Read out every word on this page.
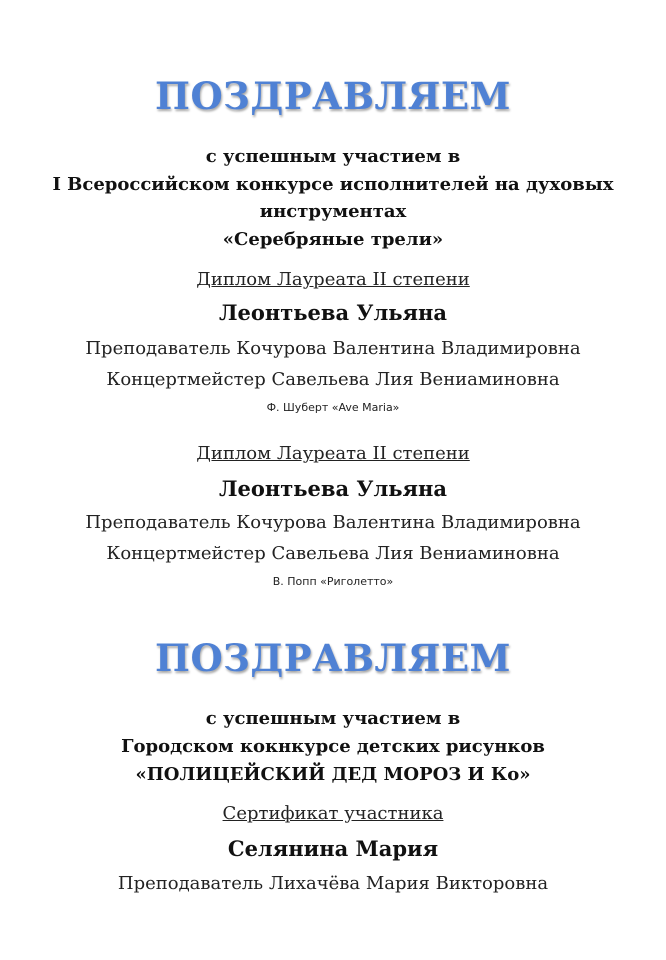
ПОЗДРАВЛЯЕМ
с успешным участием в
I Всероссийском конкурсе исполнителей на духовых
инструментах
«Серебряные трели»
Диплом Лауреата II степени
Леонтьева Ульяна
Преподаватель Кочурова Валентина Владимировна
Концертмейстер Савельева Лия Вениаминовна
Ф. Шуберт «Ave Maria»
Диплом Лауреата II степени
Леонтьева Ульяна
Преподаватель Кочурова Валентина Владимировна
Концертмейстер Савельева Лия Вениаминовна
В. Попп «Риголетто»
ПОЗДРАВЛЯЕМ
с успешным участием в
Городском кокнкурсе детских рисунков
«ПОЛИЦЕЙСКИЙ ДЕД МОРОЗ И Ко»
Сертификат участника
Селянина Мария
Преподаватель Лихачёва Мария Викторовна
